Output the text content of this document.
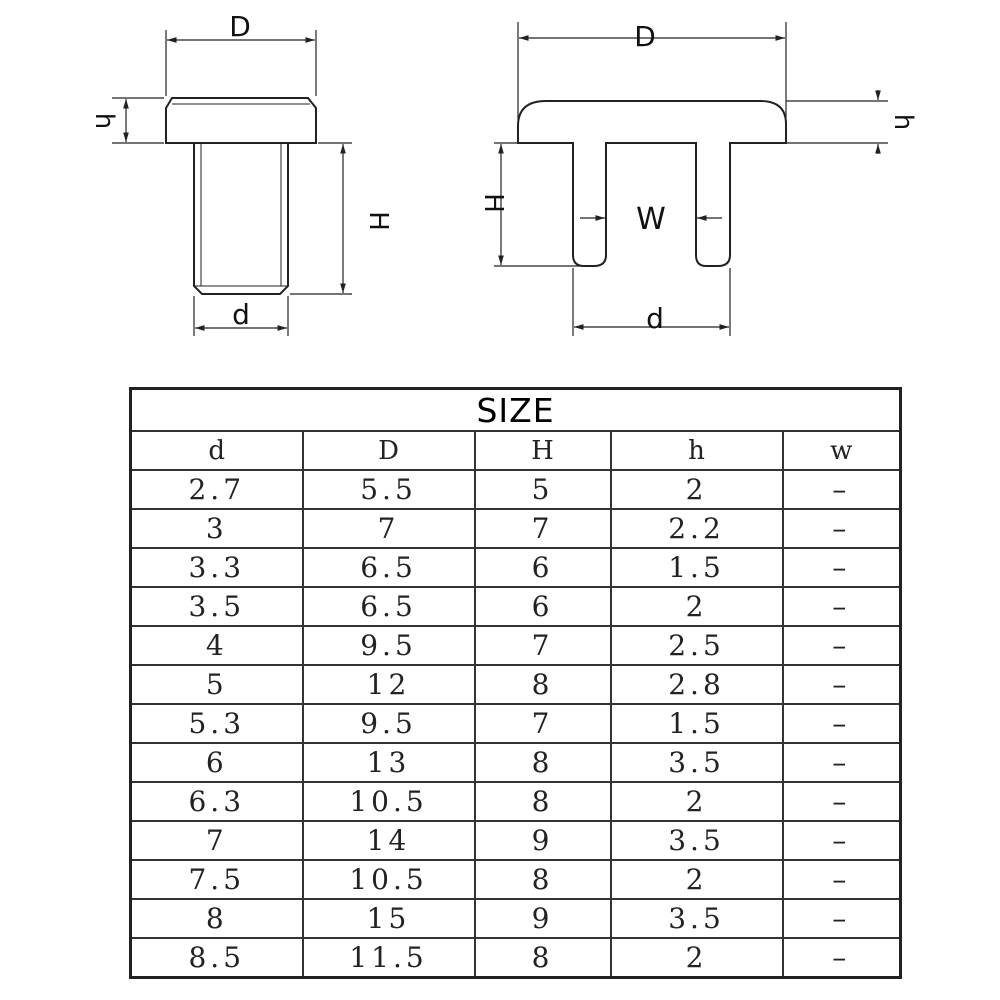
D
h
H
d
D
h
H	W
d
SIZE				
d	D	H	h	w
2.7	5.5	5	2	–
3	7	7	2.2	–
3.3	6.5	6	1.5	–
3.5	6.5	6	2	–
4	9.5	7	2.5	–
5	12	8	2.8	–
5.3	9.5	7	1.5	–
6	13	8	3.5	–
6.3	10.5	8	2	–
7	14	9	3.5	–
7.5	10.5	8	2	–
8	15	9	3.5	–
8.5	11.5	8	2	–
